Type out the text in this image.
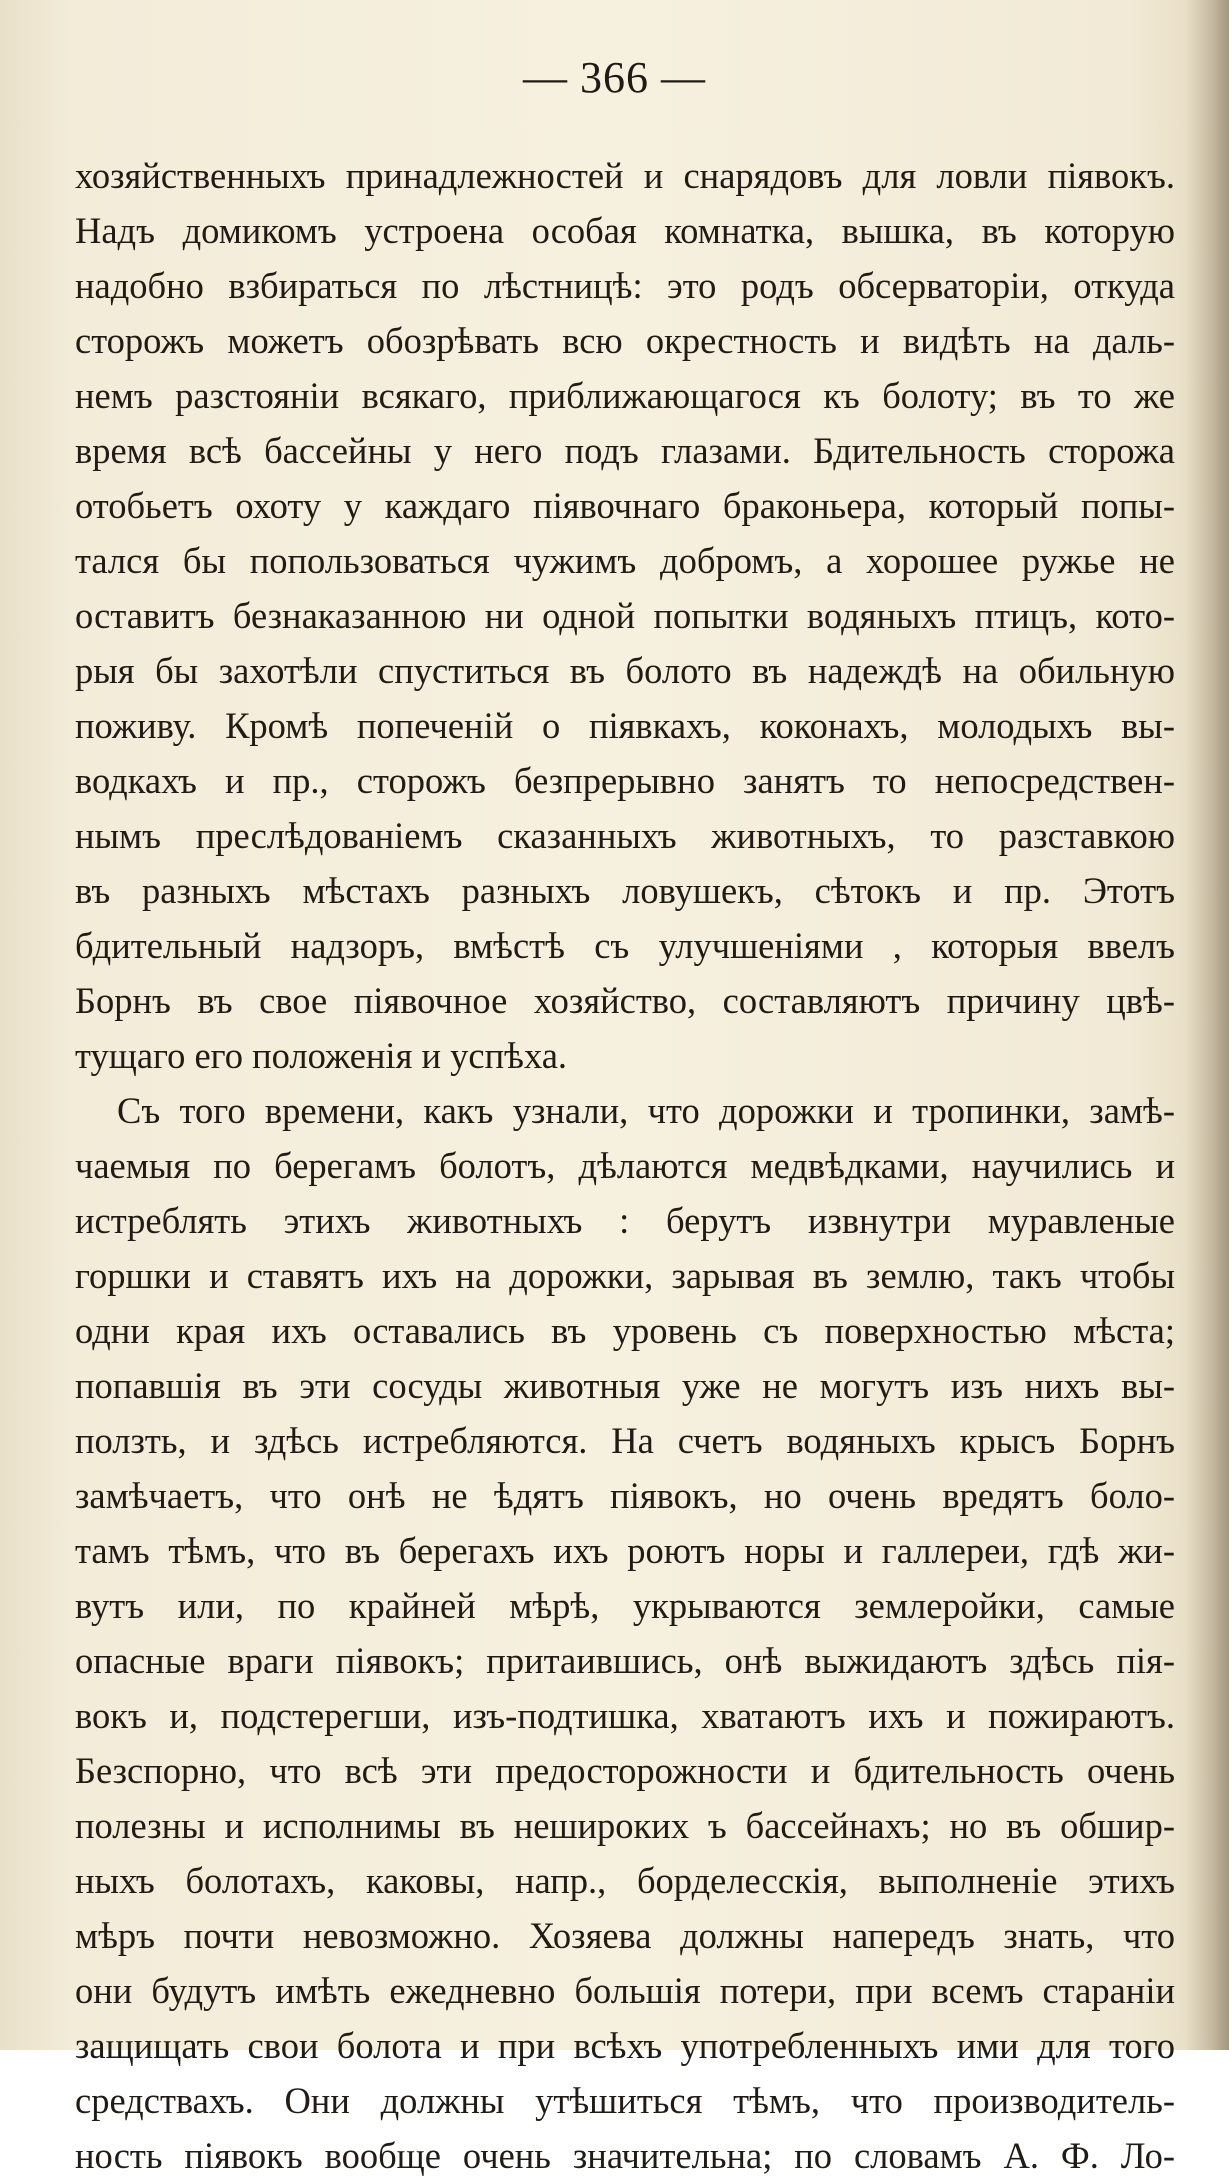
— 366 —
хозяйственныхъ принадлежностей и снарядовъ для ловли пiявокъ.
Надъ домикомъ устроена особая комнатка, вышка, въ которую
надобно взбираться по лѣстницѣ: это родъ обсерваторiи, откуда
сторожъ можетъ обозрѣвать всю окрестность и видѣть на даль-
немъ разстоянiи всякаго, приближающагося къ болоту; въ то же
время всѣ бассейны у него подъ глазами. Бдительность сторожа
отобьетъ охоту у каждаго пiявочнаго браконьера, который попы-
тался бы попользоваться чужимъ добромъ, а хорошее ружье не
оставитъ безнаказанною ни одной попытки водяныхъ птицъ, кото-
рыя бы захотѣли спуститься въ болото въ надеждѣ на обильную
поживу. Кромѣ попеченiй о пiявкахъ, коконахъ, молодыхъ вы-
водкахъ и пр., сторожъ безпрерывно занятъ то непосредствен-
нымъ преслѣдованiемъ сказанныхъ животныхъ, то разставкою
въ разныхъ мѣстахъ разныхъ ловушекъ, сѣтокъ и пр. Этотъ
бдительный надзоръ, вмѣстѣ съ улучшенiями , которыя ввелъ
Борнъ въ свое пiявочное хозяйство, составляютъ причину цвѣ-
тущаго его положенiя и успѣха.
Съ того времени, какъ узнали, что дорожки и тропинки, замѣ-
чаемыя по берегамъ болотъ, дѣлаются медвѣдками, научились и
истреблять этихъ животныхъ : берутъ извнутри муравленые
горшки и ставятъ ихъ на дорожки, зарывая въ землю, такъ чтобы
одни края ихъ оставались въ уровень съ поверхностью мѣста;
попавшiя въ эти сосуды животныя уже не могутъ изъ нихъ вы-
ползть, и здѣсь истребляются. На счетъ водяныхъ крысъ Борнъ
замѣчаетъ, что онѣ не ѣдятъ пiявокъ, но очень вредятъ боло-
тамъ тѣмъ, что въ берегахъ ихъ роютъ норы и галлереи, гдѣ жи-
вутъ или, по крайней мѣрѣ, укрываются землеройки, самые
опасные враги пiявокъ; притаившись, онѣ выжидаютъ здѣсь пiя-
вокъ и, подстерегши, изъ-подтишка, хватаютъ ихъ и пожираютъ.
Безспорно, что всѣ эти предосторожности и бдительность очень
полезны и исполнимы въ нешироких ъ бассейнахъ; но въ обшир-
ныхъ болотахъ, каковы, напр., борделесскiя, выполненiе этихъ
мѣръ почти невозможно. Хозяева должны напередъ знать, что
они будутъ имѣть ежедневно большiя потери, при всемъ старанiи
защищать свои болота и при всѣхъ употребленныхъ ими для того
средствахъ. Они должны утѣшиться тѣмъ, что производитель-
ность пiявокъ вообще очень значительна; по словамъ А. Ф. Ло-
